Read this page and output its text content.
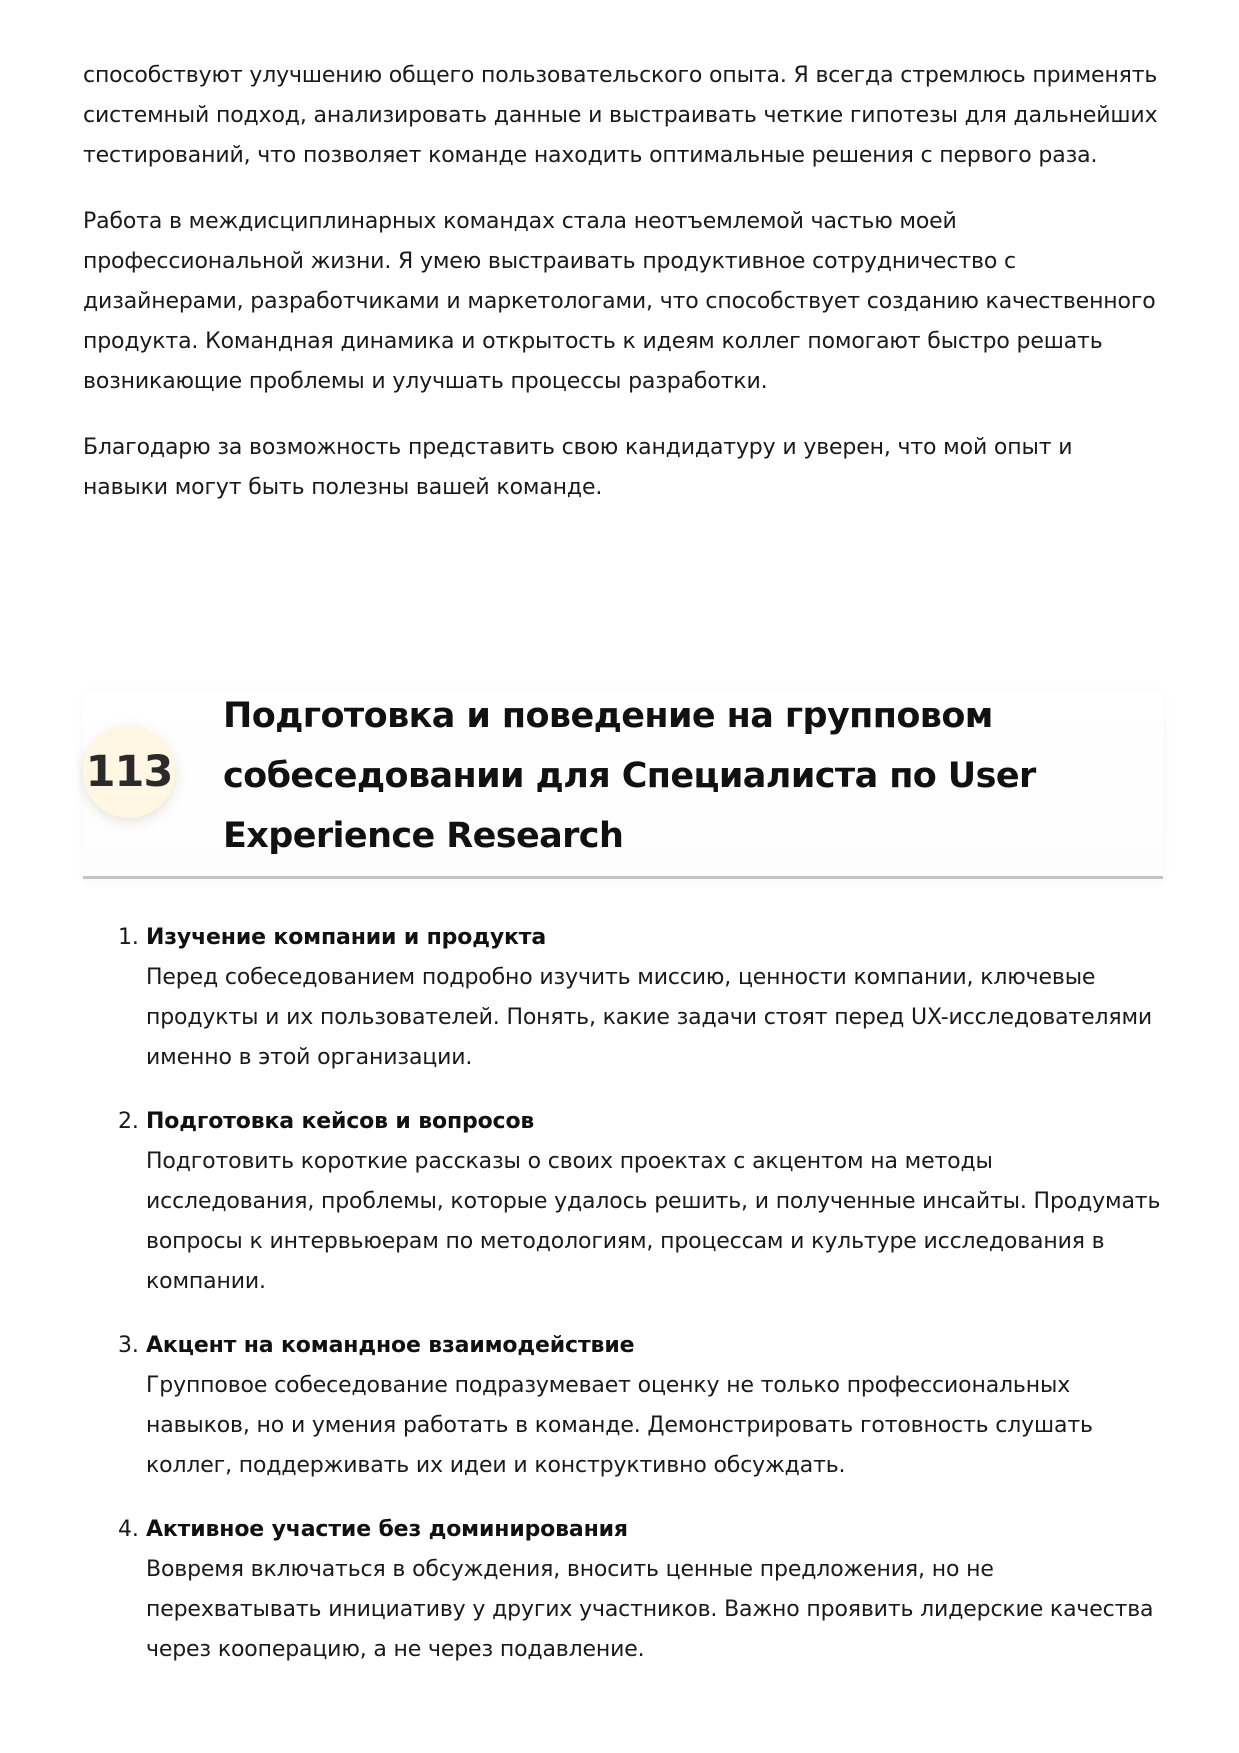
способствуют улучшению общего пользовательского опыта. Я всегда стремлюсь применять системный подход, анализировать данные и выстраивать четкие гипотезы для дальнейших тестирований, что позволяет команде находить оптимальные решения с первого раза.

Работа в междисциплинарных командах стала неотъемлемой частью моей профессиональной жизни. Я умею выстраивать продуктивное сотрудничество с дизайнерами, разработчиками и маркетологами, что способствует созданию качественного продукта. Командная динамика и открытость к идеям коллег помогают быстро решать возникающие проблемы и улучшать процессы разработки.

Благодарю за возможность представить свою кандидатуру и уверен, что мой опыт и навыки могут быть полезны вашей команде.

113
Подготовка и поведение на групповом собеседовании для Специалиста по User Experience Research
1. Изучение компании и продукта
Перед собеседованием подробно изучить миссию, ценности компании, ключевые продукты и их пользователей. Понять, какие задачи стоят перед UX-исследователями именно в этой организации.
2. Подготовка кейсов и вопросов
Подготовить короткие рассказы о своих проектах с акцентом на методы исследования, проблемы, которые удалось решить, и полученные инсайты. Продумать вопросы к интервьюерам по методологиям, процессам и культуре исследования в компании.
3. Акцент на командное взаимодействие
Групповое собеседование подразумевает оценку не только профессиональных навыков, но и умения работать в команде. Демонстрировать готовность слушать коллег, поддерживать их идеи и конструктивно обсуждать.
4. Активное участие без доминирования
Вовремя включаться в обсуждения, вносить ценные предложения, но не перехватывать инициативу у других участников. Важно проявить лидерские качества через кооперацию, а не через подавление.
